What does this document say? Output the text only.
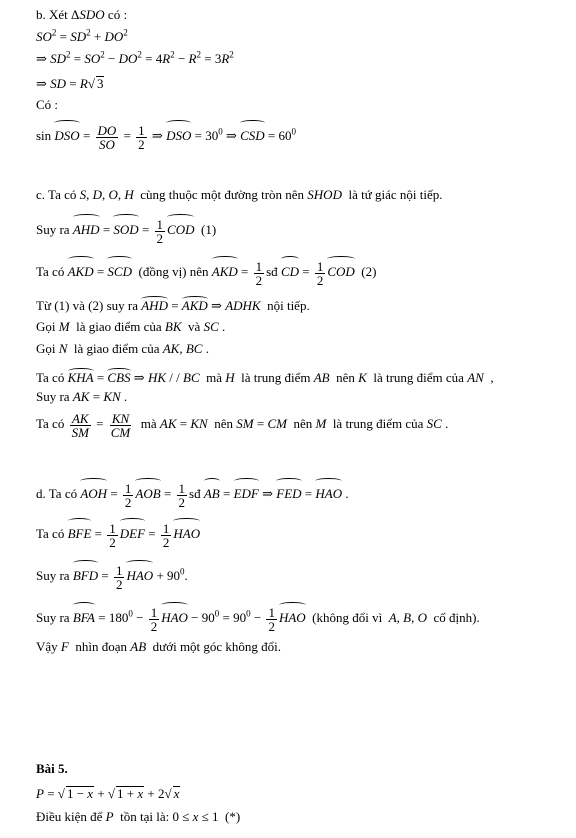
b. Xét ΔSDO có :
$SO^2 = SD^2 + DO^2$
⇒ $SD^2 = SO^2 - DO^2 = 4R^2 - R^2 = 3R^2$
⇒ SD = R√ 3
Có :
sin DSO = $\frac{DO}{SO} = \frac{1}{2}$ ⇒ DSO = $30^0$ ⇒ CSD = $60^0$
c. Ta có S, D, O, H  cùng thuộc một đường tròn nên SHOD  là tứ giác nội tiếp.
Suy ra AHD = SOD = $\frac{1}{2}$ COD  (1)
Ta có AKD = SCD  (đồng vị) nên AKD = $\frac{1}{2}$ sđ CD = $\frac{1}{2}$ COD  (2)
Từ (1) và (2) suy ra AHD = AKD ⇒ ADHK  nội tiếp.
Gọi M  là giao điểm của BK  và SC .
Gọi N  là giao điểm của AK, BC .
Ta có KHA = CBS ⇒ HK / / BC  mà H  là trung điểm AB  nên K  là trung điểm của AN  ,
Suy ra AK = KN .
Ta có $\frac{AK}{SM} = \frac{KN}{CM}$ mà AK = KN  nên SM = CM  nên M  là trung điểm của SC .
d. Ta có AOH = $\frac{1}{2}$ AOB = $\frac{1}{2}$ sđ AB = EDF ⇒ FED = HAO .
Ta có BFE = $\frac{1}{2}$ DEF = $\frac{1}{2}$ HAO
Suy ra BFD = $\frac{1}{2}$ HAO + $90^0$.
Suy ra BFA = $180^0 - \frac{1}{2}$ HAO − $90^0 = 90^0 - \frac{1}{2}$ HAO  (không đổi vì  A, B, O  cố định).
Vậy F  nhìn đoạn AB  dưới một góc không đổi.
Bài 5.
P = √ 1 − x + √ 1 + x + 2√ x
Điều kiện để P  tồn tại là: 0 ≤ x ≤ 1  (*)
